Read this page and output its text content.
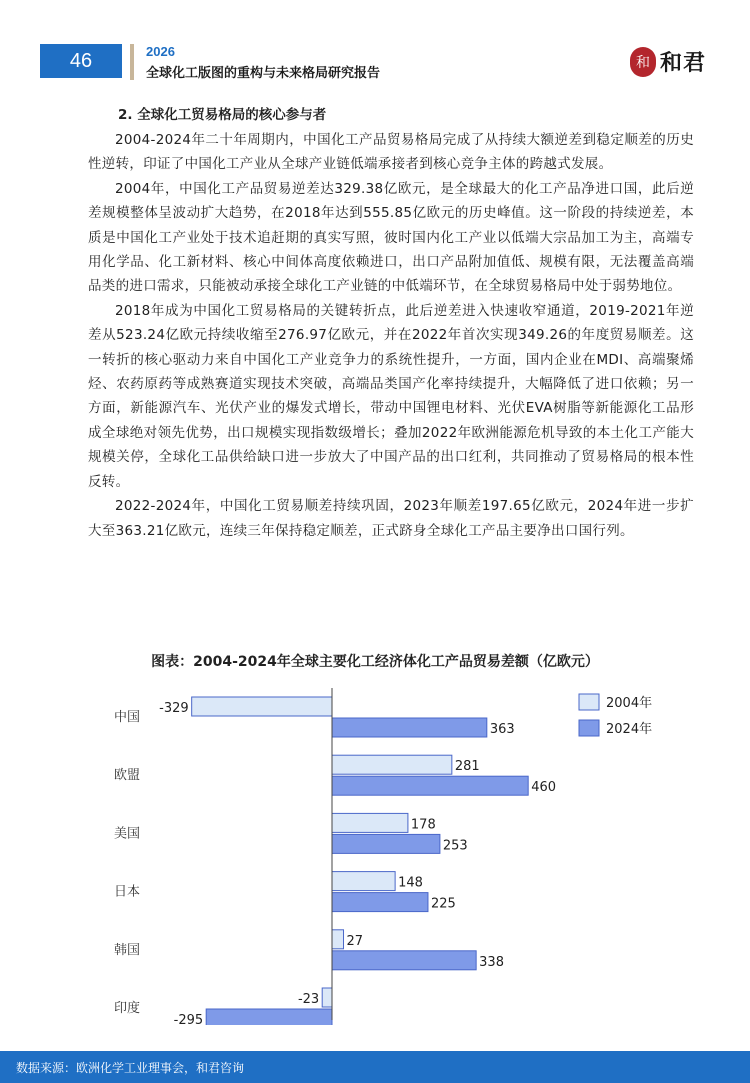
46	2026
全球化工版图的重构与未来格局研究报告
和 和君
2. 全球化工贸易格局的核心参与者

2004-2024年二十年周期内，中国化工产品贸易格局完成了从持续大额逆差到稳定顺差的历史性逆转，印证了中国化工产业从全球产业链低端承接者到核心竞争主体的跨越式发展。

2004年，中国化工产品贸易逆差达329.38亿欧元，是全球最大的化工产品净进口国，此后逆差规模整体呈波动扩大趋势，在2018年达到555.85亿欧元的历史峰值。这一阶段的持续逆差，本质是中国化工产业处于技术追赶期的真实写照，彼时国内化工产业以低端大宗品加工为主，高端专用化学品、化工新材料、核心中间体高度依赖进口，出口产品附加值低、规模有限，无法覆盖高端品类的进口需求，只能被动承接全球化工产业链的中低端环节，在全球贸易格局中处于弱势地位。

2018年成为中国化工贸易格局的关键转折点，此后逆差进入快速收窄通道，2019-2021年逆差从523.24亿欧元持续收缩至276.97亿欧元，并在2022年首次实现349.26的年度贸易顺差。这一转折的核心驱动力来自中国化工产业竞争力的系统性提升，一方面，国内企业在MDI、高端聚烯烃、农药原药等成熟赛道实现技术突破，高端品类国产化率持续提升，大幅降低了进口依赖；另一方面，新能源汽车、光伏产业的爆发式增长，带动中国锂电材料、光伏EVA树脂等新能源化工品形成全球绝对领先优势，出口规模实现指数级增长；叠加2022年欧洲能源危机导致的本土化工产能大规模关停，全球化工品供给缺口进一步放大了中国产品的出口红利，共同推动了贸易格局的根本性反转。

2022-2024年，中国化工贸易顺差持续巩固，2023年顺差197.65亿欧元，2024年进一步扩大至363.21亿欧元，连续三年保持稳定顺差，正式跻身全球化工产品主要净出口国行列。

图表：2004-2024年全球主要化工经济体化工产品贸易差额（亿欧元）
中国
-329
363
欧盟
281
460
美国
178
253
日本
148
225
韩国
27
338
印度
-23
-295
2004年
2024年
数据来源：欧洲化学工业理事会，和君咨询
